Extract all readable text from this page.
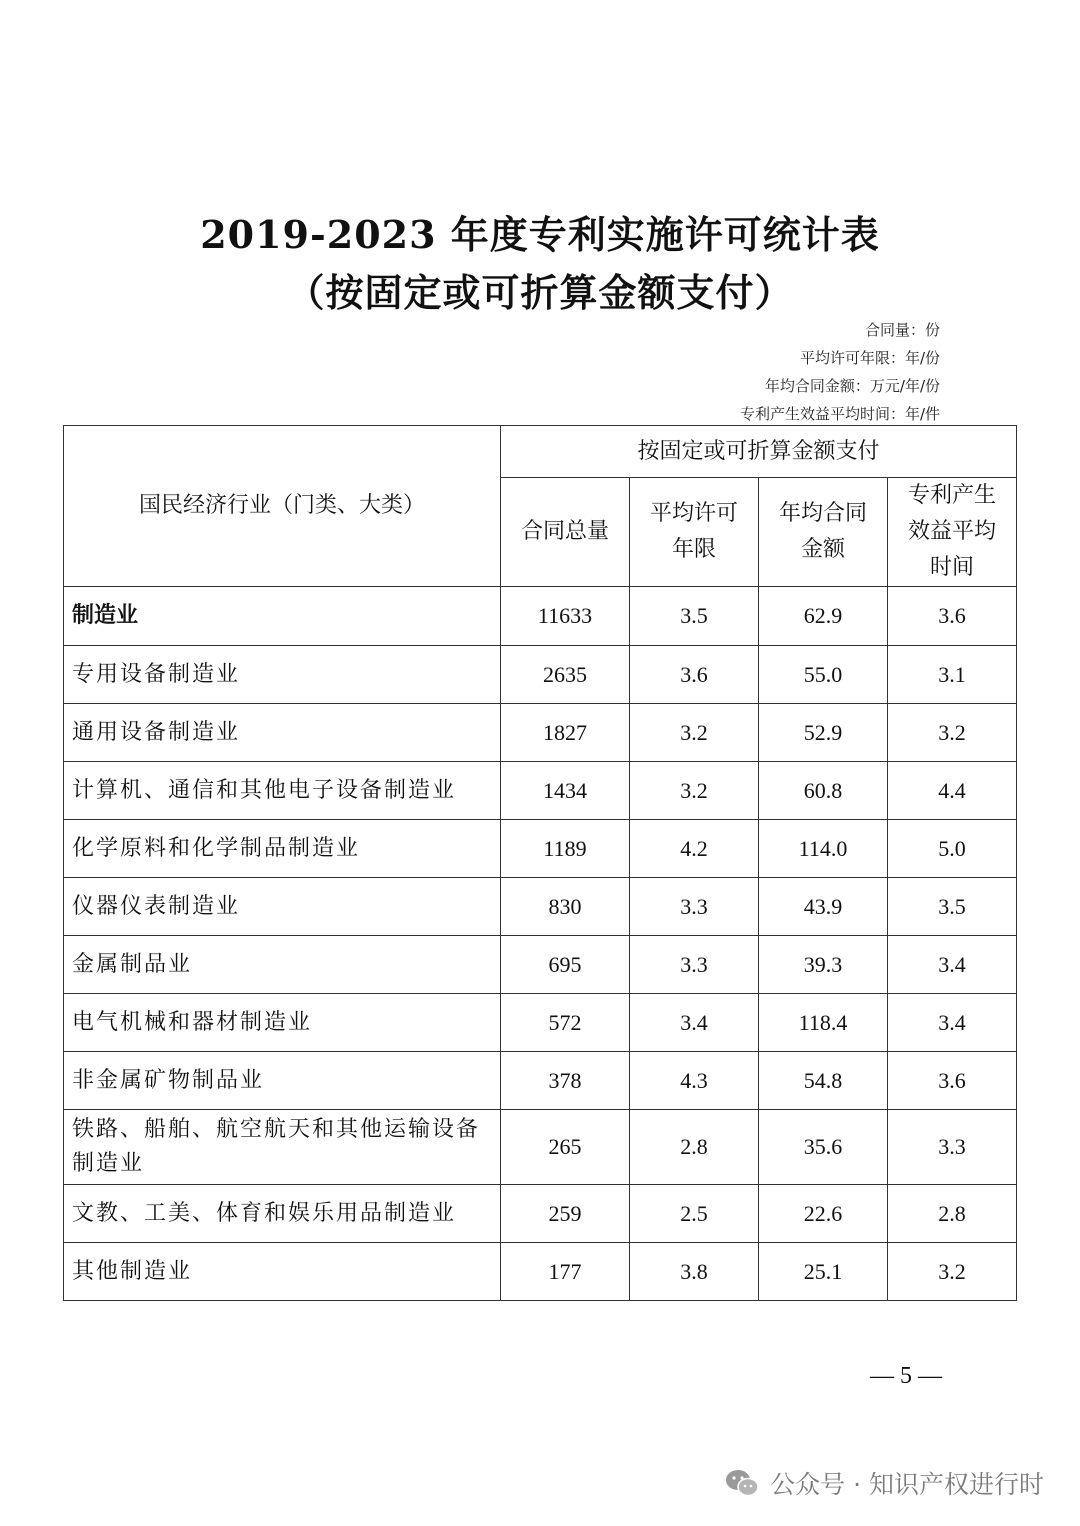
2019-2023 年度专利实施许可统计表
（按固定或可折算金额支付）
合同量：份
平均许可年限：年/份
年均合同金额：万元/年/份
专利产生效益平均时间：年/件
国民经济行业（门类、大类）	按固定或可折算金额支付			

	合同总量	平均许可年限	年均合同金额	专利产生效益平均时间

制造业	11633	3.5	62.9	3.6
专用设备制造业	2635	3.6	55.0	3.1
通用设备制造业	1827	3.2	52.9	3.2
计算机、通信和其他电子设备制造业	1434	3.2	60.8	4.4
化学原料和化学制品制造业	1189	4.2	114.0	5.0
仪器仪表制造业	830	3.3	43.9	3.5
金属制品业	695	3.3	39.3	3.4
电气机械和器材制造业	572	3.4	118.4	3.4
非金属矿物制品业	378	4.3	54.8	3.6
铁路、船舶、航空航天和其他运输设备制造业	265	2.8	35.6	3.3
文教、工美、体育和娱乐用品制造业	259	2.5	22.6	2.8
其他制造业	177	3.8	25.1	3.2
— 5 —
公众号 · 知识产权进行时
